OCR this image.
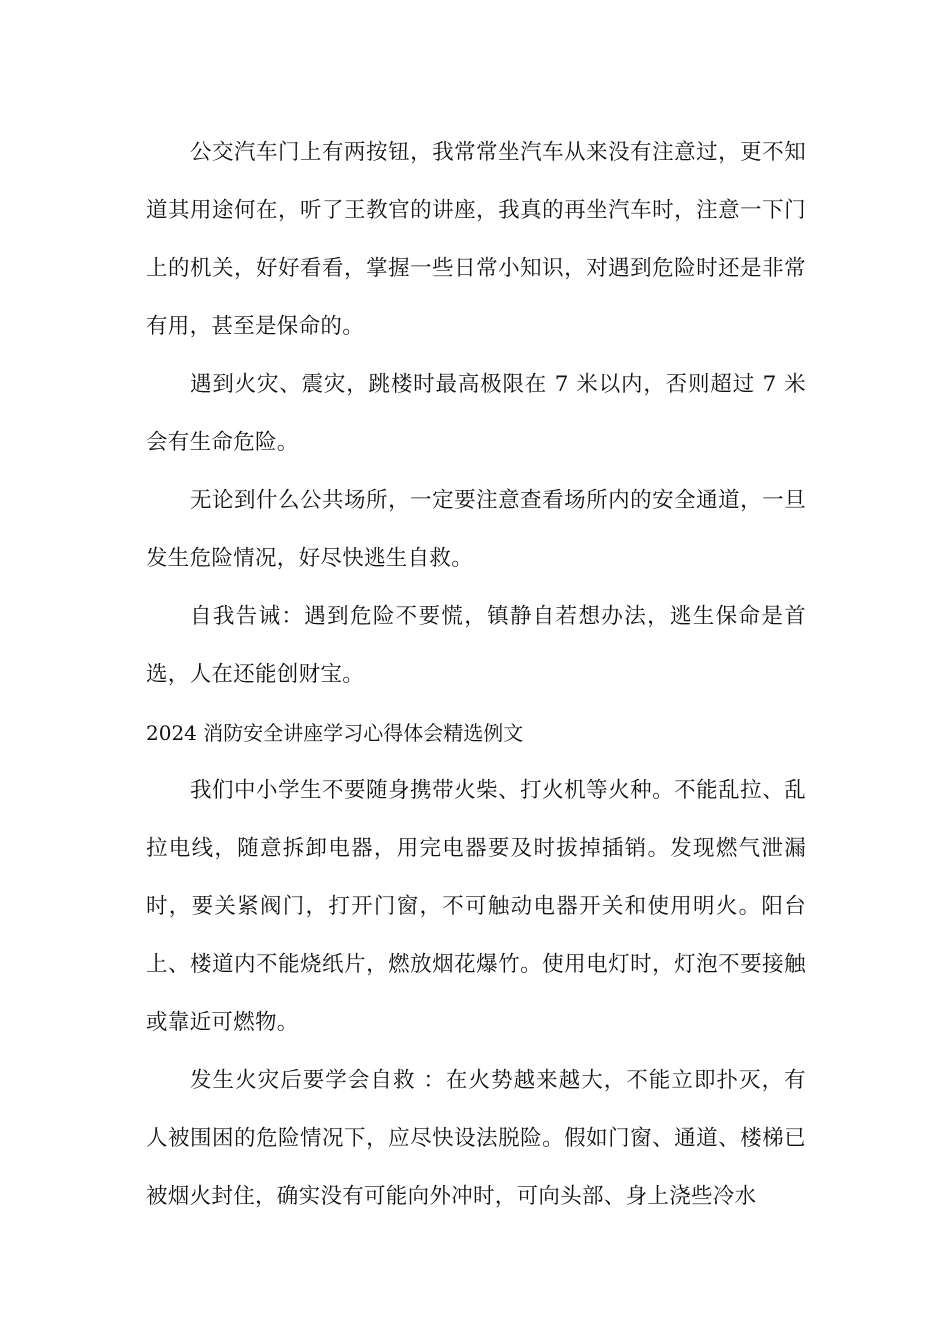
公交汽车门上有两按钮，我常常坐汽车从来没有注意过，更不知道其用途何在，听了王教官的讲座，我真的再坐汽车时，注意一下门上的机关，好好看看，掌握一些日常小知识，对遇到危险时还是非常有用，甚至是保命的。

遇到火灾、震灾，跳楼时最高极限在 7 米以内，否则超过 7 米会有生命危险。

无论到什么公共场所，一定要注意查看场所内的安全通道，一旦发生危险情况，好尽快逃生自救。

自我告诫：遇到危险不要慌，镇静自若想办法，逃生保命是首选，人在还能创财宝。

2024 消防安全讲座学习心得体会精选例文

我们中小学生不要随身携带火柴、打火机等火种。不能乱拉、乱拉电线，随意拆卸电器，用完电器要及时拔掉插销。发现燃气泄漏时，要关紧阀门，打开门窗，不可触动电器开关和使用明火。阳台上、楼道内不能烧纸片，燃放烟花爆竹。使用电灯时，灯泡不要接触或靠近可燃物。

发生火灾后要学会自救 ：在火势越来越大，不能立即扑灭，有人被围困的危险情况下，应尽快设法脱险。假如门窗、通道、楼梯已被烟火封住，确实没有可能向外冲时，可向头部、身上浇些冷水
